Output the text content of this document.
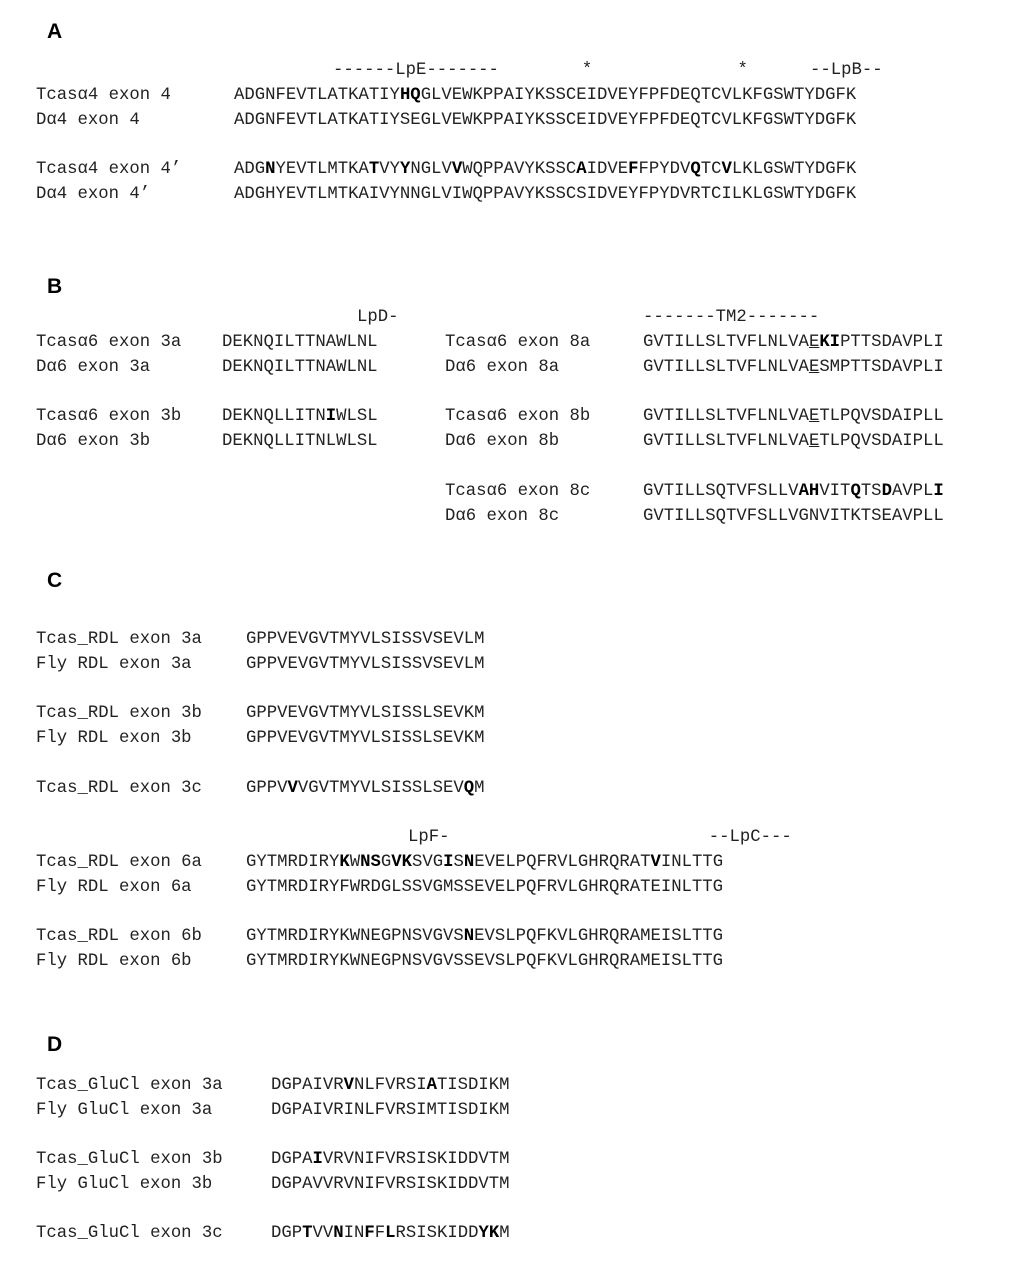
A
B
C
D
------LpE-------        *              *      --LpB--
Tcasα4 exon 4	ADGNFEVTLATKATIYHQGLVEWKPPAIYKSSCEIDVEYFPFDEQTCVLKFGSWTYDGFK
Dα4 exon 4	ADGNFEVTLATKATIYSEGLVEWKPPAIYKSSCEIDVEYFPFDEQTCVLKFGSWTYDGFK
Tcasα4 exon 4’	ADGNYEVTLMTKATVYYNGLVVWQPPAVYKSSCAIDVEFFPYDVQTCVLKLGSWTYDGFK
Dα4 exon 4’	ADGHYEVTLMTKAIVYNNGLVIWQPPAVYKSSCSIDVEYFPYDVRTCILKLGSWTYDGFK
LpD-	-------TM2-------
Tcasα6 exon 3a DEKNQILTTNAWLNL
Dα6 exon 3a	DEKNQILTTNAWLNL
Tcasα6 exon 3b DEKNQLLITNIWLSL
Dα6 exon 3b	DEKNQLLITNLWLSL
Tcasα6 exon 8a	GVTILLSLTVFLNLVAEKIPTTSDAVPLI
Dα6 exon 8a	GVTILLSLTVFLNLVAESMPTTSDAVPLI
Tcasα6 exon 8b	GVTILLSLTVFLNLVAETLPQVSDAIPLL
Dα6 exon 8b	GVTILLSLTVFLNLVAETLPQVSDAIPLL
Tcasα6 exon 8c	GVTILLSQTVFSLLVAHVITQTSDAVPLI
Dα6 exon 8c	GVTILLSQTVFSLLVGNVITKTSEAVPLL
Tcas_RDL exon 3a	GPPVEVGVTMYVLSISSVSEVLM
Fly RDL exon 3a	GPPVEVGVTMYVLSISSVSEVLM
Tcas_RDL exon 3b	GPPVEVGVTMYVLSISSLSEVKM
Fly RDL exon 3b	GPPVEVGVTMYVLSISSLSEVKM
Tcas_RDL exon 3c	GPPVVVGVTMYVLSISSLSEVQM
LpF-                         --LpC---
Tcas_RDL exon 6a	GYTMRDIRYKWNSGVKSVGISNEVELPQFRVLGHRQRATVINLTTG
Fly RDL exon 6a	GYTMRDIRYFWRDGLSSVGMSSEVELPQFRVLGHRQRATEINLTTG
Tcas_RDL exon 6b	GYTMRDIRYKWNEGPNSVGVSNEVSLPQFKVLGHRQRAMEISLTTG
Fly RDL exon 6b	GYTMRDIRYKWNEGPNSVGVSSEVSLPQFKVLGHRQRAMEISLTTG
Tcas_GluCl exon 3a	DGPAIVRVNLFVRSIATISDIKM
Fly GluCl exon 3a	DGPAIVRINLFVRSIMTISDIKM
Tcas_GluCl exon 3b	DGPAIVRVNIFVRSISKIDDVTM
Fly GluCl exon 3b	DGPAVVRVNIFVRSISKIDDVTM
Tcas_GluCl exon 3c	DGPTVVNINFFLRSISKIDDYKM
